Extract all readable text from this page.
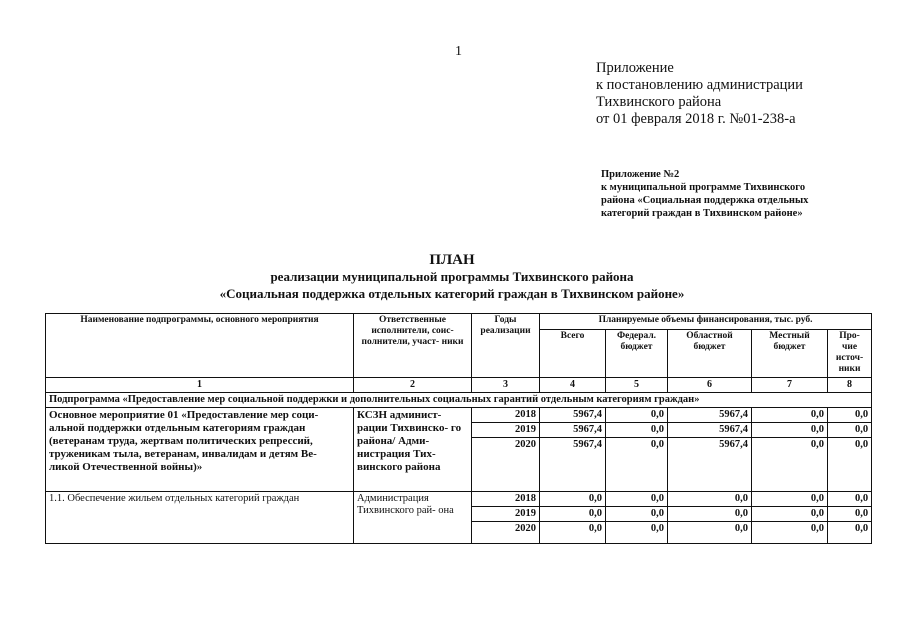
1
Приложение
к постановлению администрации
Тихвинского района
от 01 февраля 2018 г. №01-238-а
Приложение №2
к муниципальной программе Тихвинского
района «Социальная поддержка отдельных
категорий граждан в Тихвинском районе»
ПЛАН
реализации муниципальной программы Тихвинского района
«Социальная поддержка отдельных категорий граждан в Тихвинском районе»
Наименование подпрограммы, основного мероприятия	Ответственные исполнители, соис- полнители, участ- ники	Годы реализации	Планируемые объемы финансирования, тыс. руб.				
			Всего	Федерал. бюджет	Областной бюджет	Местный бюджет	Про- чие источ- ники
1	2	3	4	5	6	7	8
Подпрограмма «Предоставление мер социальной поддержки и дополнительных социальных гарантий отдельным категориям граждан»							
Основное мероприятие 01 «Предоставление мер соци- альной поддержки отдельным категориям граждан (ветеранам труда, жертвам политических репрессий, труженикам тыла, ветеранам, инвалидам и детям Ве- ликой Отечественной войны)»	КСЗН админист- рации Тихвинско- го района/ Адми- нистрация Тих- винского района	2018	5967,4	0,0	5967,4	0,0	0,0
		2019	5967,4	0,0	5967,4	0,0	0,0
		2020	5967,4	0,0	5967,4	0,0	0,0
1.1. Обеспечение жильем отдельных категорий граждан	Администрация Тихвинского рай- она	2018	0,0	0,0	0,0	0,0	0,0
		2019	0,0	0,0	0,0	0,0	0,0
		2020	0,0	0,0	0,0	0,0	0,0
